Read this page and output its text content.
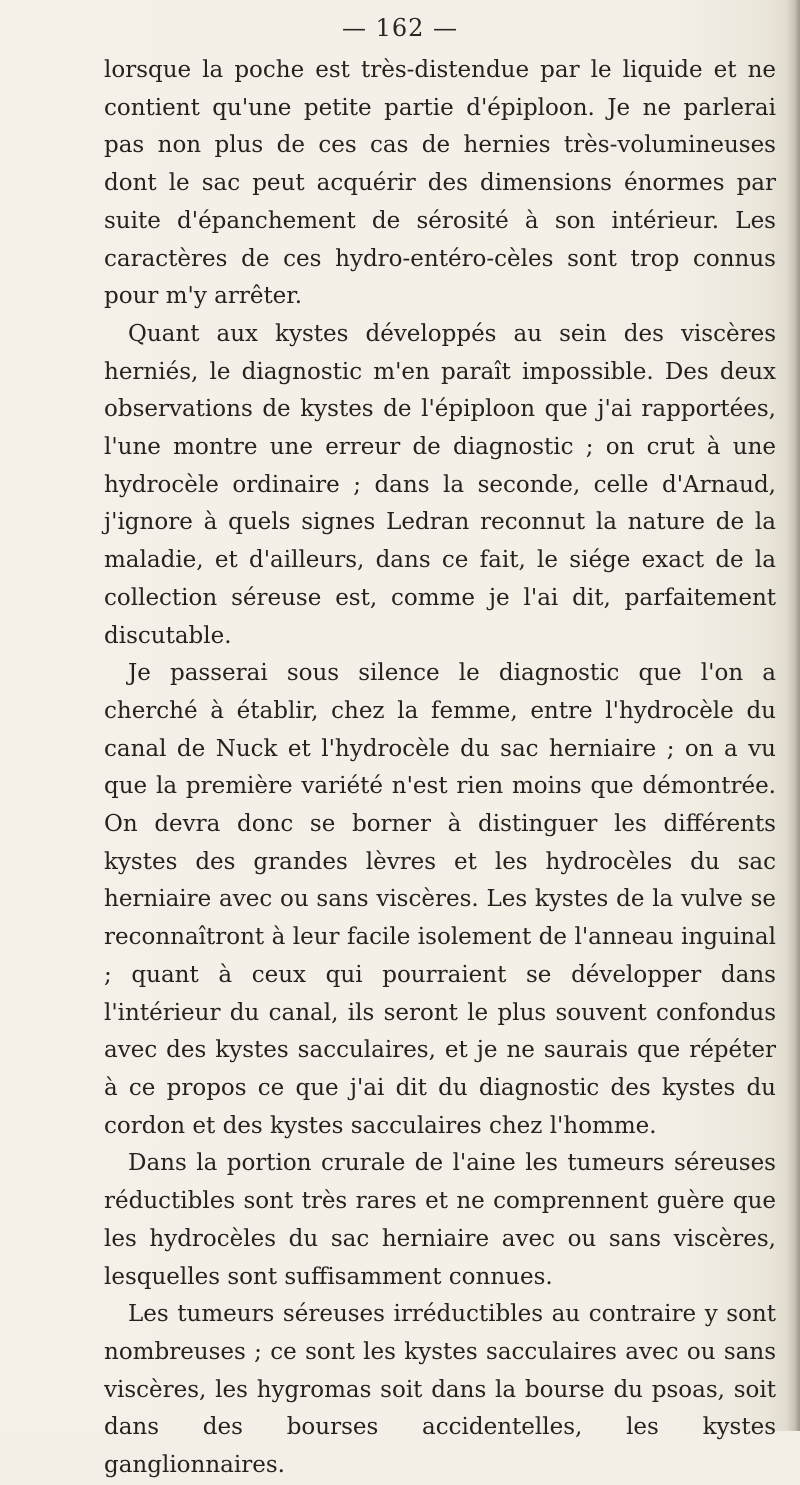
— 162 —

lorsque la poche est très-distendue par le liquide et ne contient qu'une petite partie d'épiploon. Je ne parlerai pas non plus de ces cas de hernies très-volumineuses dont le sac peut acquérir des dimensions énormes par suite d'épanchement de sérosité à son intérieur. Les caractères de ces hydro-entéro-cèles sont trop connus pour m'y arrêter.

Quant aux kystes développés au sein des viscères herniés, le diagnostic m'en paraît impossible. Des deux observations de kystes de l'épiploon que j'ai rapportées, l'une montre une erreur de diagnostic ; on crut à une hydrocèle ordinaire ; dans la seconde, celle d'Arnaud, j'ignore à quels signes Ledran reconnut la nature de la maladie, et d'ailleurs, dans ce fait, le siége exact de la collection séreuse est, comme je l'ai dit, parfaitement discutable.

Je passerai sous silence le diagnostic que l'on a cherché à établir, chez la femme, entre l'hydrocèle du canal de Nuck et l'hydrocèle du sac herniaire ; on a vu que la première variété n'est rien moins que démontrée. On devra donc se borner à distinguer les différents kystes des grandes lèvres et les hydrocèles du sac herniaire avec ou sans viscères. Les kystes de la vulve se reconnaîtront à leur facile isolement de l'anneau inguinal ; quant à ceux qui pourraient se développer dans l'intérieur du canal, ils seront le plus souvent confondus avec des kystes sacculaires, et je ne saurais que répéter à ce propos ce que j'ai dit du diagnostic des kystes du cordon et des kystes sacculaires chez l'homme.

Dans la portion crurale de l'aine les tumeurs séreuses réductibles sont très rares et ne comprennent guère que les hydrocèles du sac herniaire avec ou sans viscères, lesquelles sont suffisamment connues.

Les tumeurs séreuses irréductibles au contraire y sont nombreuses ; ce sont les kystes sacculaires avec ou sans viscères, les hygromas soit dans la bourse du psoas, soit dans des bourses accidentelles, les kystes ganglionnaires.
